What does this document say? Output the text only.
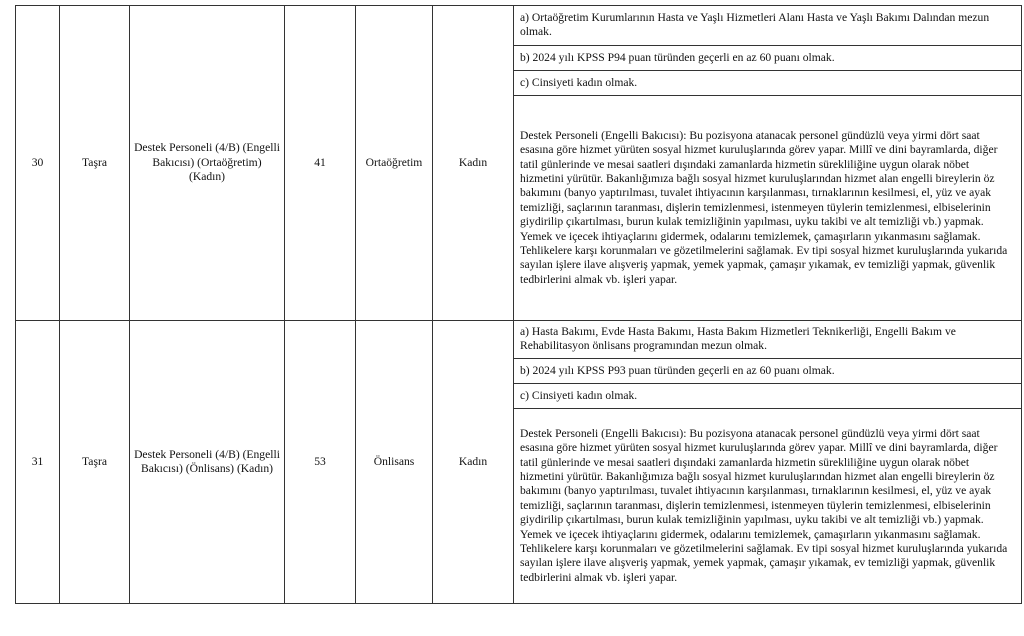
30	Taşra	Destek Personeli (4/B) (Engelli Bakıcısı) (Ortaöğretim) (Kadın)	41	Ortaöğretim	Kadın	a) Ortaöğretim Kurumlarının Hasta ve Yaşlı Hizmetleri Alanı Hasta ve Yaşlı Bakımı Dalından mezun olmak.
						b) 2024 yılı KPSS P94 puan türünden geçerli en az 60 puanı olmak.
						c) Cinsiyeti kadın olmak.
						Destek Personeli (Engelli Bakıcısı): Bu pozisyona atanacak personel gündüzlü veya yirmi dört saat esasına göre hizmet yürüten sosyal hizmet kuruluşlarında görev yapar. Millî ve dini bayramlarda, diğer tatil günlerinde ve mesai saatleri dışındaki zamanlarda hizmetin sürekliliğine uygun olarak nöbet hizmetini yürütür. Bakanlığımıza bağlı sosyal hizmet kuruluşlarından hizmet alan engelli bireylerin öz bakımını (banyo yaptırılması, tuvalet ihtiyacının karşılanması, tırnaklarının kesilmesi, el, yüz ve ayak temizliği, saçlarının taranması, dişlerin temizlenmesi, istenmeyen tüylerin temizlenmesi, elbiselerinin giydirilip çıkartılması, burun kulak temizliğinin yapılması, uyku takibi ve alt temizliği vb.) yapmak. Yemek ve içecek ihtiyaçlarını gidermek, odalarını temizlemek, çamaşırların yıkanmasını sağlamak. Tehlikelere karşı korunmaları ve gözetilmelerini sağlamak. Ev tipi sosyal hizmet kuruluşlarında yukarıda sayılan işlere ilave alışveriş yapmak, yemek yapmak, çamaşır yıkamak, ev temizliği yapmak, güvenlik tedbirlerini almak vb. işleri yapar.
31	Taşra	Destek Personeli (4/B) (Engelli Bakıcısı) (Önlisans) (Kadın)	53	Önlisans	Kadın	a) Hasta Bakımı, Evde Hasta Bakımı, Hasta Bakım Hizmetleri Teknikerliği, Engelli Bakım ve Rehabilitasyon önlisans programından mezun olmak.
						b) 2024 yılı KPSS P93 puan türünden geçerli en az 60 puanı olmak.
						c) Cinsiyeti kadın olmak.
						Destek Personeli (Engelli Bakıcısı): Bu pozisyona atanacak personel gündüzlü veya yirmi dört saat esasına göre hizmet yürüten sosyal hizmet kuruluşlarında görev yapar. Millî ve dini bayramlarda, diğer tatil günlerinde ve mesai saatleri dışındaki zamanlarda hizmetin sürekliliğine uygun olarak nöbet hizmetini yürütür. Bakanlığımıza bağlı sosyal hizmet kuruluşlarından hizmet alan engelli bireylerin öz bakımını (banyo yaptırılması, tuvalet ihtiyacının karşılanması, tırnaklarının kesilmesi, el, yüz ve ayak temizliği, saçlarının taranması, dişlerin temizlenmesi, istenmeyen tüylerin temizlenmesi, elbiselerinin giydirilip çıkartılması, burun kulak temizliğinin yapılması, uyku takibi ve alt temizliği vb.) yapmak. Yemek ve içecek ihtiyaçlarını gidermek, odalarını temizlemek, çamaşırların yıkanmasını sağlamak. Tehlikelere karşı korunmaları ve gözetilmelerini sağlamak. Ev tipi sosyal hizmet kuruluşlarında yukarıda sayılan işlere ilave alışveriş yapmak, yemek yapmak, çamaşır yıkamak, ev temizliği yapmak, güvenlik tedbirlerini almak vb. işleri yapar.
